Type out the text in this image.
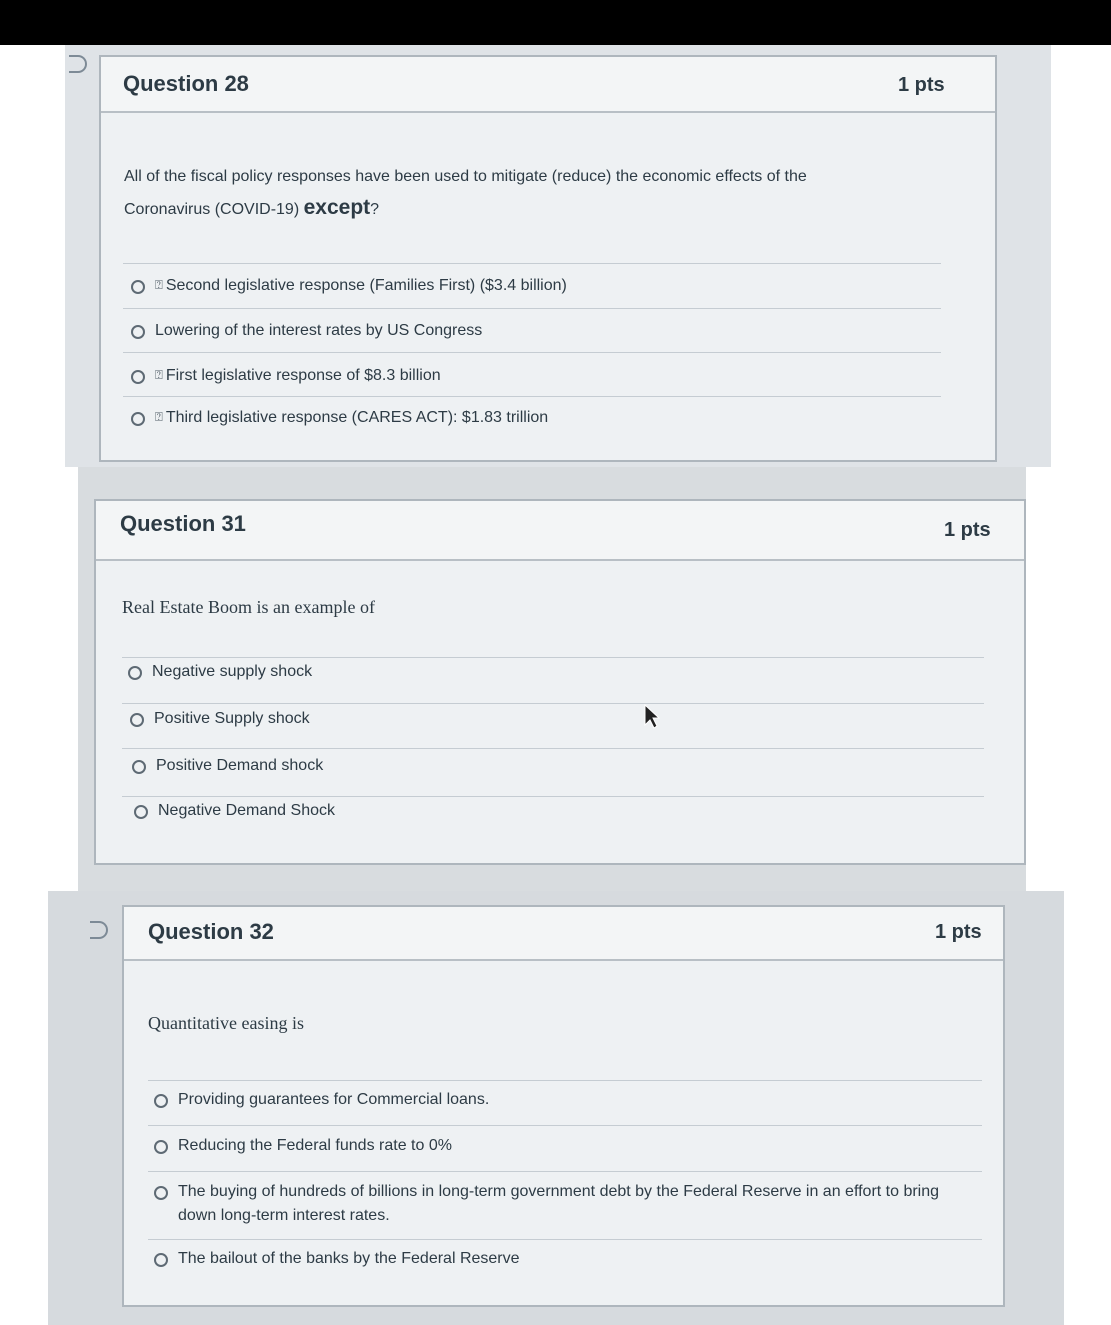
Question 28	1 pts
All of the fiscal policy responses have been used to mitigate (reduce) the economic effects of the Coronavirus (COVID-19) except?
⍰ Second legislative response (Families First) ($3.4 billion)
Lowering of the interest rates by US Congress
⍰ First legislative response of $8.3 billion
⍰ Third legislative response (CARES ACT): $1.83 trillion
Question 31	1 pts
Real Estate Boom is an example of
Negative supply shock
Positive Supply shock
Positive Demand shock
Negative Demand Shock
Question 32	1 pts
Quantitative easing is
Providing guarantees for Commercial loans.
Reducing the Federal funds rate to 0%
The buying of hundreds of billions in long-term government debt by the Federal Reserve in an effort to bring down long-term interest rates.
The bailout of the banks by the Federal Reserve
